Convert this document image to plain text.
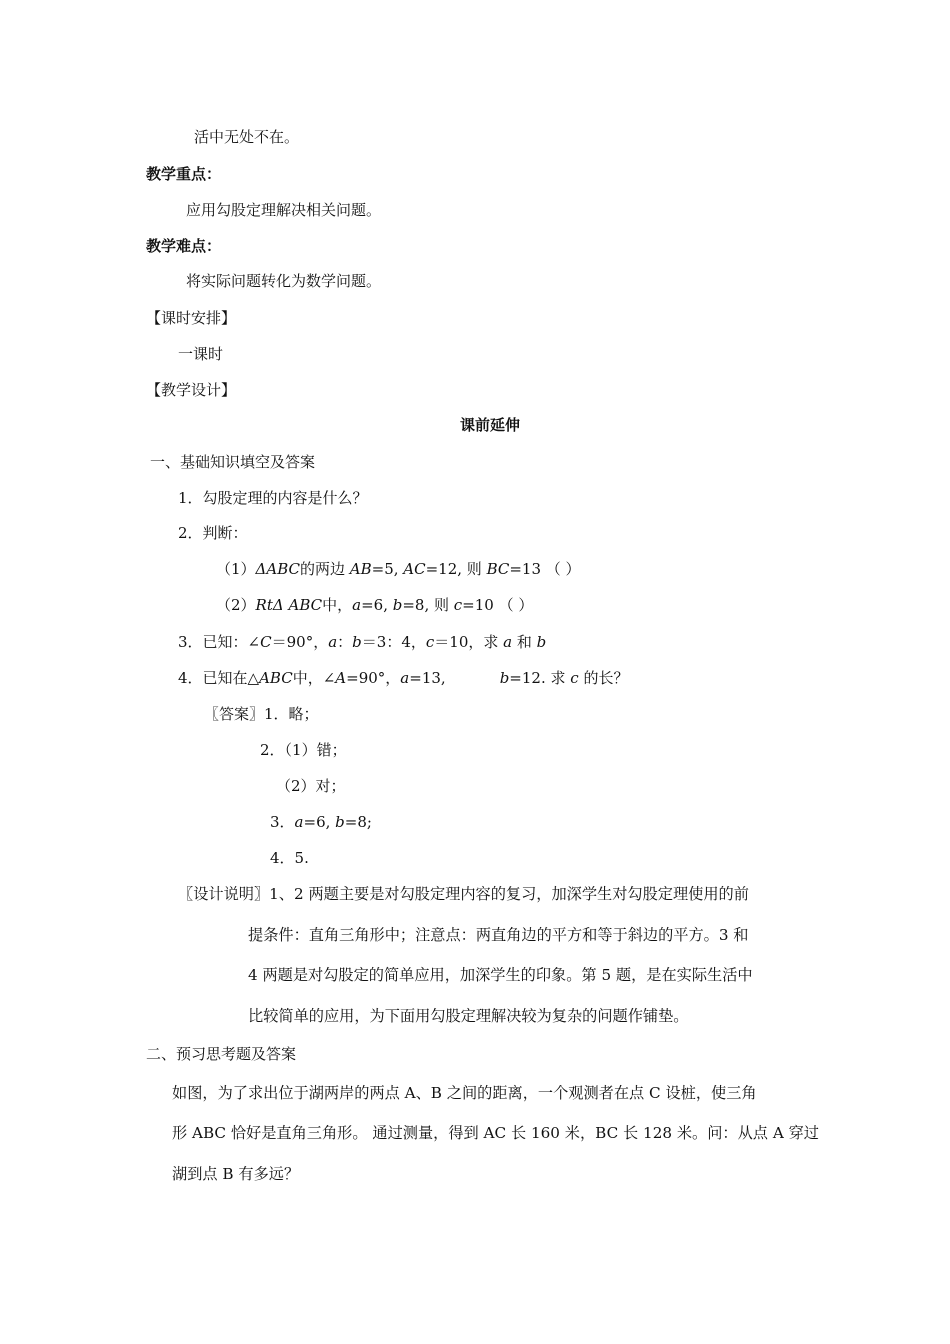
活中无处不在。
教学重点：
应用勾股定理解决相关问题。
教学难点：
将实际问题转化为数学问题。
【课时安排】
一课时
【教学设计】
课前延伸
一、基础知识填空及答案
1．勾股定理的内容是什么？
2．判断：
（1）ΔABC的两边 AB=5, AC=12, 则 BC=13 （ ）
（2）RtΔ ABC中，a=6, b=8, 则 c=10 （ ）
3．已知：∠C＝90°，a：b＝3：4，c＝10，求 a 和 b
4．已知在△ABC中，∠A=90°，a=13,	b=12. 求 c 的长？
〖答案〗1．略；
2．（1）错；
（2）对；
3．a=6, b=8;
4．5.
〖设计说明〗1、2 两题主要是对勾股定理内容的复习，加深学生对勾股定理使用的前
提条件：直角三角形中；注意点：两直角边的平方和等于斜边的平方。3 和
4 两题是对勾股定的简单应用，加深学生的印象。第 5 题，是在实际生活中
比较简单的应用，为下面用勾股定理解决较为复杂的问题作铺垫。
二、预习思考题及答案
如图，为了求出位于湖两岸的两点 A、B 之间的距离，一个观测者在点 C 设桩，使三角
形 ABC 恰好是直角三角形。 通过测量，得到 AC 长 160 米，BC 长 128 米。问：从点 A 穿过
湖到点 B 有多远？
